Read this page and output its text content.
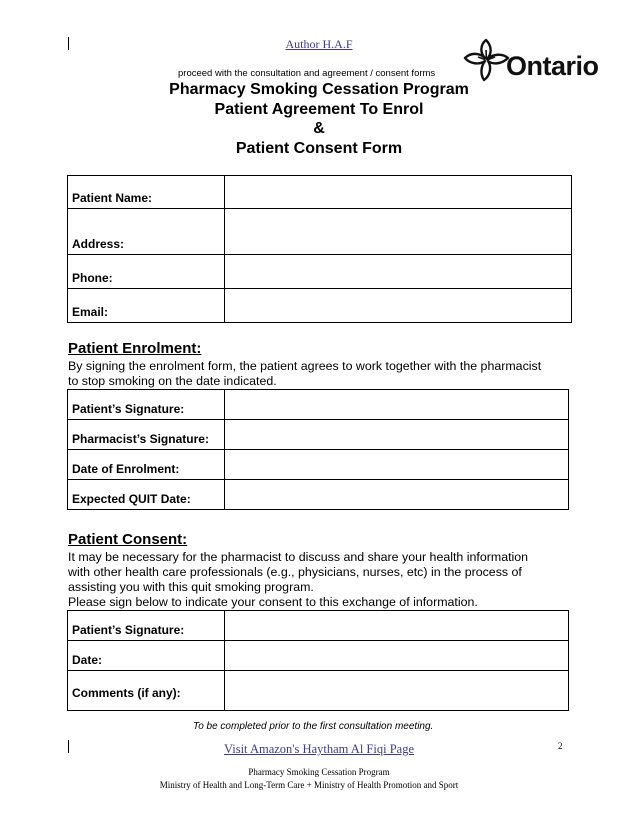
Author H.A.F
proceed with the consultation and agreement / consent forms
Pharmacy Smoking Cessation Program
Patient Agreement To Enrol
&
Patient Consent Form
Ontario
Patient Name:	
Address:	
Phone:	
Email:	
Patient Enrolment:
By signing the enrolment form, the patient agrees to work together with the pharmacist
to stop smoking on the date indicated.
Patient’s Signature:	
Pharmacist’s Signature:	
Date of Enrolment:	
Expected QUIT Date:	
Patient Consent:
It may be necessary for the pharmacist to discuss and share your health information
with other health care professionals (e.g., physicians, nurses, etc) in the process of
assisting you with this quit smoking program.
Please sign below to indicate your consent to this exchange of information.
Patient’s Signature:	
Date:	
Comments (if any):	
To be completed prior to the first consultation meeting.
Visit Amazon's Haytham Al Fiqi Page	2
Pharmacy Smoking Cessation Program
Ministry of Health and Long-Term Care + Ministry of Health Promotion and Sport
